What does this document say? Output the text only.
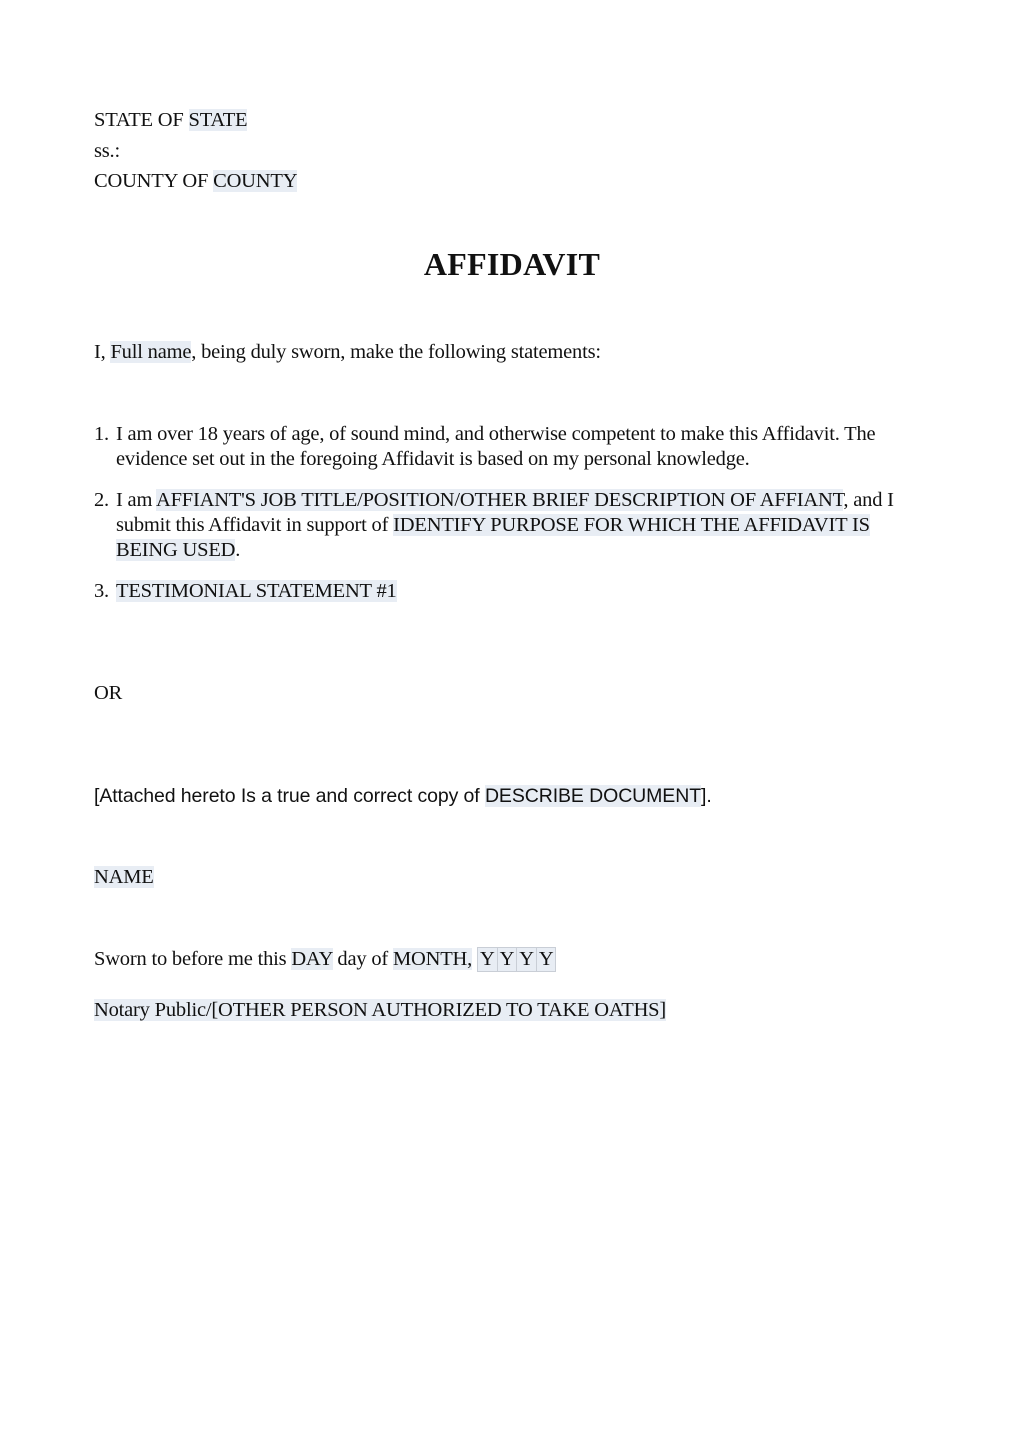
STATE OF STATE
ss.:
COUNTY OF COUNTY
AFFIDAVIT
I, Full name, being duly sworn, make the following statements:
1. I am over 18 years of age, of sound mind, and otherwise competent to make this Affidavit. The
evidence set out in the foregoing Affidavit is based on my personal knowledge.
2. I am AFFIANT'S JOB TITLE/POSITION/OTHER BRIEF DESCRIPTION OF AFFIANT, and I
submit this Affidavit in support of IDENTIFY PURPOSE FOR WHICH THE AFFIDAVIT IS
BEING USED.
3. TESTIMONIAL STATEMENT #1
OR
[Attached hereto Is a true and correct copy of DESCRIBE DOCUMENT].
NAME
Sworn to before me this DAY day of MONTH, Y Y Y Y
Notary Public/[OTHER PERSON AUTHORIZED TO TAKE OATHS]
